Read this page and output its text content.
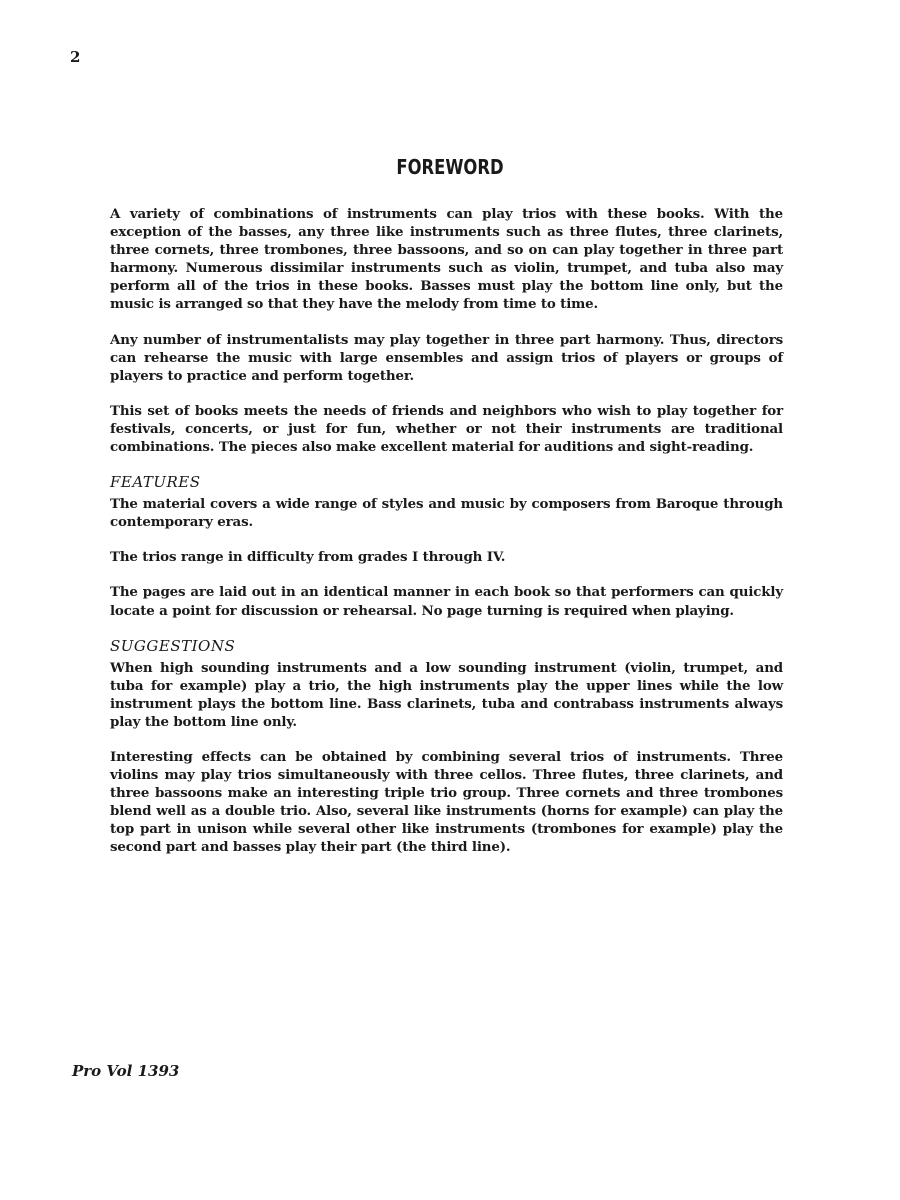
2
FOREWORD

A variety of combinations of instruments can play trios with these books. With the exception of the basses, any three like instruments such as three flutes, three clarinets, three cornets, three trombones, three bassoons, and so on can play together in three part harmony. Numerous dissimilar instruments such as violin, trumpet, and tuba also may perform all of the trios in these books. Basses must play the bottom line only, but the music is arranged so that they have the melody from time to time.

Any number of instrumentalists may play together in three part harmony. Thus, directors can rehearse the music with large ensembles and assign trios of players or groups of players to practice and perform together.

This set of books meets the needs of friends and neighbors who wish to play together for festivals, concerts, or just for fun, whether or not their instruments are traditional combinations. The pieces also make excellent material for auditions and sight-reading.

FEATURES

The material covers a wide range of styles and music by composers from Baroque through contemporary eras.

The trios range in difficulty from grades I through IV.

The pages are laid out in an identical manner in each book so that performers can quickly locate a point for discussion or rehearsal. No page turning is required when playing.

SUGGESTIONS

When high sounding instruments and a low sounding instrument (violin, trumpet, and tuba for example) play a trio, the high instruments play the upper lines while the low instrument plays the bottom line. Bass clarinets, tuba and contrabass instruments always play the bottom line only.

Interesting effects can be obtained by combining several trios of instruments. Three violins may play trios simultaneously with three cellos. Three flutes, three clarinets, and three bassoons make an interesting triple trio group. Three cornets and three trombones blend well as a double trio. Also, several like instruments (horns for example) can play the top part in unison while several other like instruments (trombones for example) play the second part and basses play their part (the third line).

Pro Vol 1393
